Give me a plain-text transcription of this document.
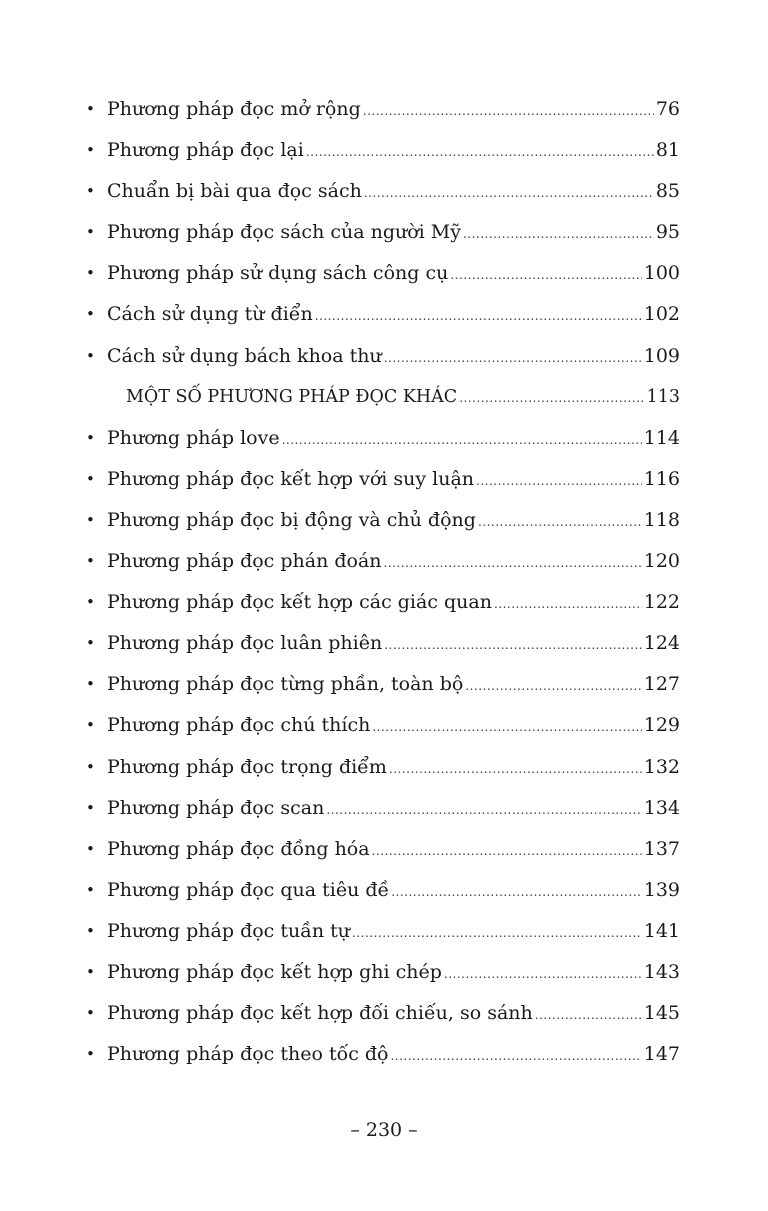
• Phương pháp đọc mở rộng .....	76
• Phương pháp đọc lại .....	81
• Chuẩn bị bài qua đọc sách .....	85
• Phương pháp đọc sách của người Mỹ .....	95
• Phương pháp sử dụng sách công cụ .....	100
• Cách sử dụng từ điển .....	102
• Cách sử dụng bách khoa thư .....	109
MỘT SỐ PHƯƠNG PHÁP ĐỌC KHÁC .....	113
• Phương pháp love .....	114
• Phương pháp đọc kết hợp với suy luận .....	116
• Phương pháp đọc bị động và chủ động .....	118
• Phương pháp đọc phán đoán .....	120
• Phương pháp đọc kết hợp các giác quan .....	122
• Phương pháp đọc luân phiên .....	124
• Phương pháp đọc từng phần, toàn bộ .....	127
• Phương pháp đọc chú thích .....	129
• Phương pháp đọc trọng điểm .....	132
• Phương pháp đọc scan .....	134
• Phương pháp đọc đồng hóa .....	137
• Phương pháp đọc qua tiêu đề .....	139
• Phương pháp đọc tuần tự .....	141
• Phương pháp đọc kết hợp ghi chép .....	143
• Phương pháp đọc kết hợp đối chiếu, so sánh .....	145
• Phương pháp đọc theo tốc độ .....	147
– 230 –
